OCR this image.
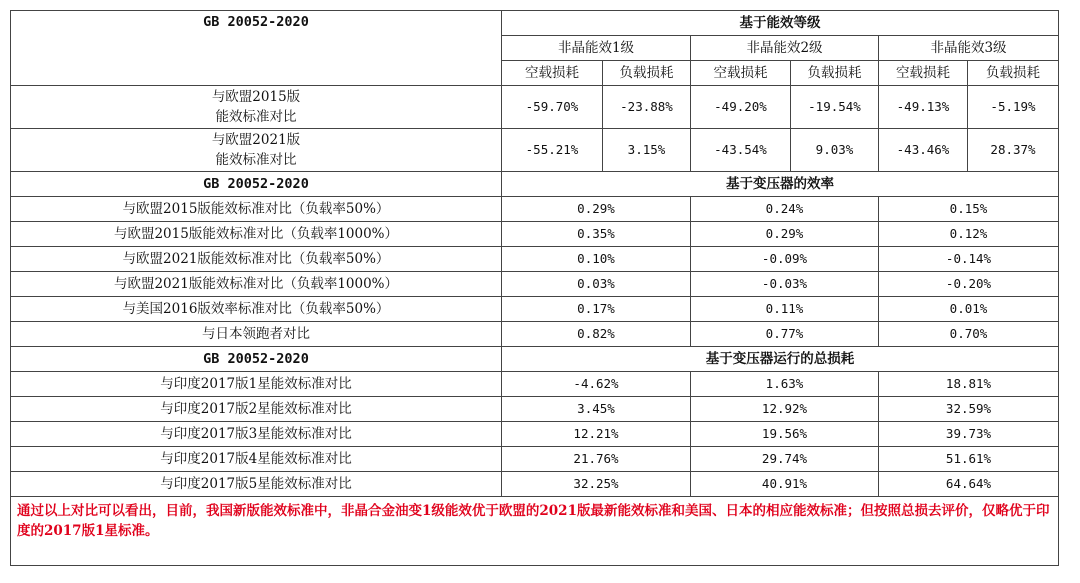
GB 20052-2020	基于能效等级					
	非晶能效1级		非晶能效2级		非晶能效3级	
	空载损耗	负载损耗	空载损耗	负载损耗	空载损耗	负载损耗

与欧盟2015版
能效标准对比	-59.70%	-23.88%	-49.20%	-19.54%	-49.13%	-5.19%

与欧盟2021版
能效标准对比	-55.21%	3.15%	-43.54%	9.03%	-43.46%	28.37%
GB 20052-2020	基于变压器的效率					
与欧盟2015版能效标准对比（负载率50%）	0.29%		0.24%		0.15%	
与欧盟2015版能效标准对比（负载率1000%）	0.35%		0.29%		0.12%	
与欧盟2021版能效标准对比（负载率50%）	0.10%		-0.09%		-0.14%	
与欧盟2021版能效标准对比（负载率1000%）	0.03%		-0.03%		-0.20%	
与美国2016版效率标准对比（负载率50%）	0.17%		0.11%		0.01%	
与日本领跑者对比	0.82%		0.77%		0.70%	
GB 20052-2020	基于变压器运行的总损耗					
与印度2017版1星能效标准对比	-4.62%		1.63%		18.81%	
与印度2017版2星能效标准对比	3.45%		12.92%		32.59%	
与印度2017版3星能效标准对比	12.21%		19.56%		39.73%	
与印度2017版4星能效标准对比	21.76%		29.74%		51.61%	
与印度2017版5星能效标准对比	32.25%		40.91%		64.64%	
通过以上对比可以看出，目前，我国新版能效标准中，非晶合金油变1级能效优于欧盟的2021版最新能效标准和美国、日本的相应能效标准；但按照总损去评价，仅略优于印度的2017版1星标准。						
